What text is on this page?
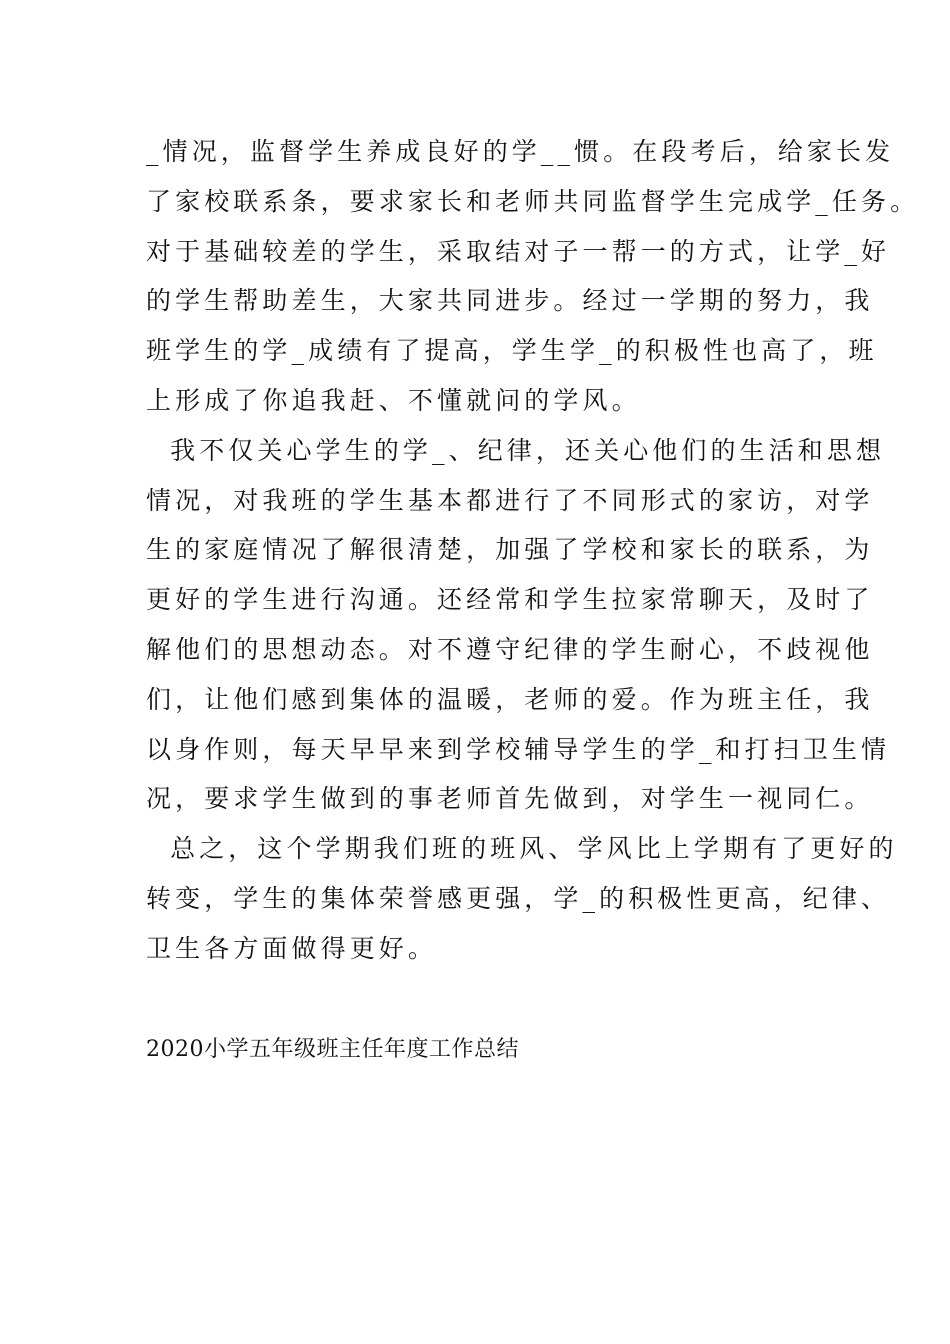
_情况，监督学生养成良好的学__惯。在段考后，给家长发
了家校联系条，要求家长和老师共同监督学生完成学_任务。
对于基础较差的学生，采取结对子一帮一的方式，让学_好
的学生帮助差生，大家共同进步。经过一学期的努力，我
班学生的学_成绩有了提高，学生学_的积极性也高了，班
上形成了你追我赶、不懂就问的学风。
我不仅关心学生的学_、纪律，还关心他们的生活和思想
情况，对我班的学生基本都进行了不同形式的家访，对学
生的家庭情况了解很清楚，加强了学校和家长的联系，为
更好的学生进行沟通。还经常和学生拉家常聊天，及时了
解他们的思想动态。对不遵守纪律的学生耐心，不歧视他
们，让他们感到集体的温暖，老师的爱。作为班主任，我
以身作则，每天早早来到学校辅导学生的学_和打扫卫生情
况，要求学生做到的事老师首先做到，对学生一视同仁。
总之，这个学期我们班的班风、学风比上学期有了更好的
转变，学生的集体荣誉感更强，学_的积极性更高，纪律、
卫生各方面做得更好。
2020小学五年级班主任年度工作总结
